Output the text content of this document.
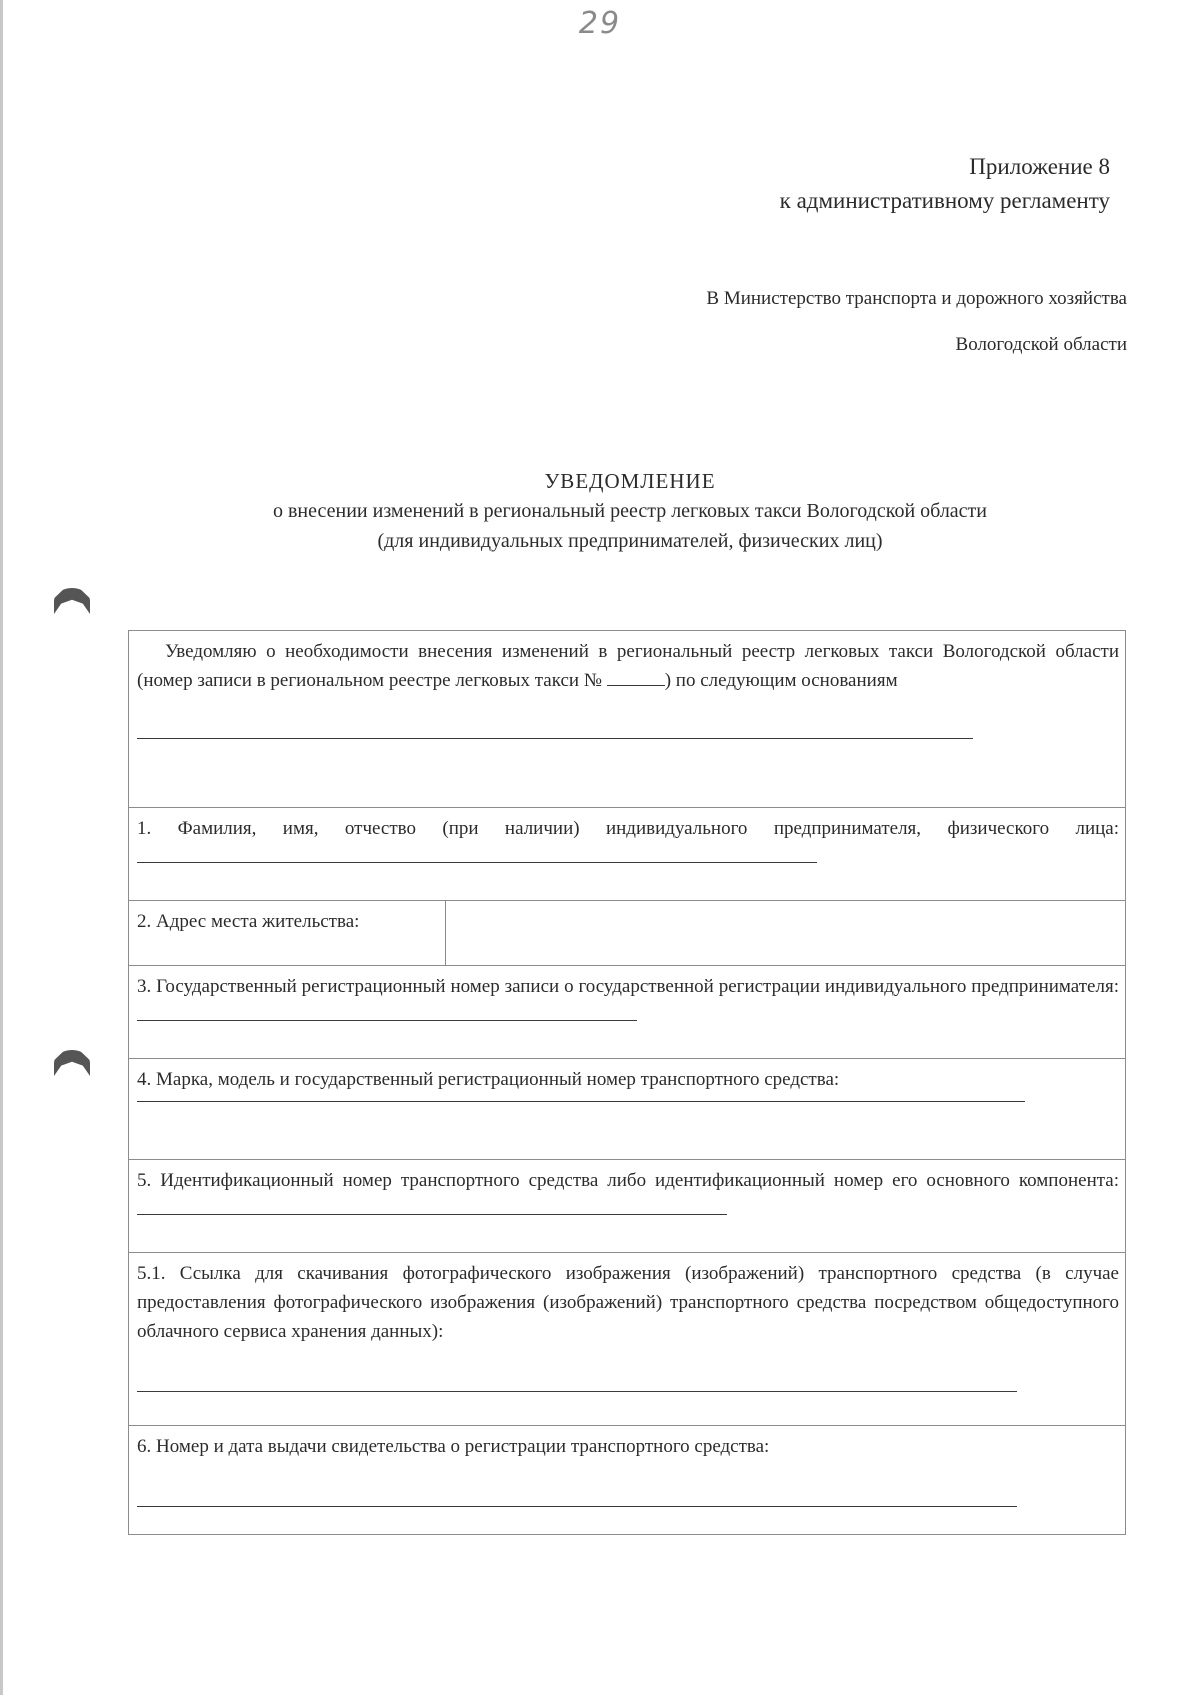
29
Приложение 8
к административному регламенту
В Министерство транспорта и дорожного хозяйства
Вологодской области
УВЕДОМЛЕНИЕ
о внесении изменений в региональный реестр легковых такси Вологодской области
(для индивидуальных предпринимателей, физических лиц)
Уведомляю о необходимости внесения изменений в региональный реестр легковых такси Вологодской области (номер записи в региональном реестре легковых такси №	) по следующим основаниям

1. Фамилия, имя, отчество (при наличии) индивидуального предпринимателя, физического лица:
2. Адрес места жительства:	
3. Государственный регистрационный номер записи о государственной регистрации индивидуального предпринимателя:
4. Марка, модель и государственный регистрационный номер транспортного средства:

5. Идентификационный номер транспортного средства либо идентификационный номер его основного компонента:
5.1. Ссылка для скачивания фотографического изображения (изображений) транспортного средства (в случае предоставления фотографического изображения (изображений) транспортного средства посредством общедоступного облачного сервиса хранения данных):

6. Номер и дата выдачи свидетельства о регистрации транспортного средства:
